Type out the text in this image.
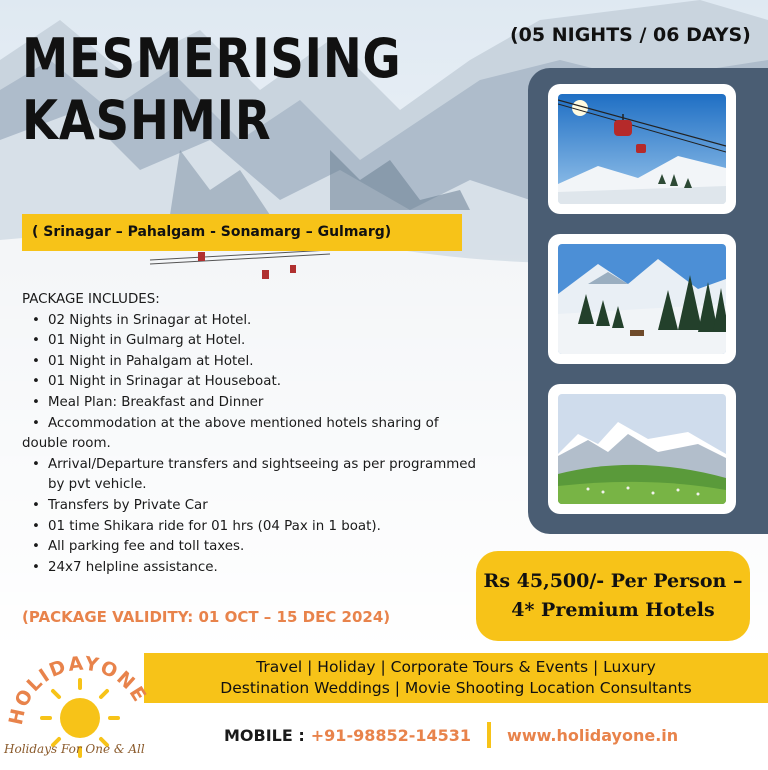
MESMERISING
KASHMIR
(05 NIGHTS / 06 DAYS)
( Srinagar – Pahalgam - Sonamarg – Gulmarg)
PACKAGE INCLUDES:
• 02 Nights in Srinagar at Hotel.
• 01 Night in Gulmarg at Hotel.
• 01 Night in Pahalgam at Hotel.
• 01 Night in Srinagar at Houseboat.
• Meal Plan: Breakfast and Dinner
• Accommodation at the above mentioned hotels sharing of
double room.
• Arrival/Departure transfers and sightseeing as per programmed
by pvt vehicle.
• Transfers by Private Car
• 01 time Shikara ride for 01 hrs (04 Pax in 1 boat).
• All parking fee and toll taxes.
• 24x7 helpline assistance.
(PACKAGE VALIDITY: 01 OCT – 15 DEC 2024)
Rs 45,500/- Per Person –
4* Premium Hotels
Travel | Holiday | Corporate Tours & Events | Luxury
Destination Weddings | Movie Shooting Location Consultants
HOLIDAYONE
Holidays For One & All
MOBILE : +91-98852-14531 www.holidayone.in
